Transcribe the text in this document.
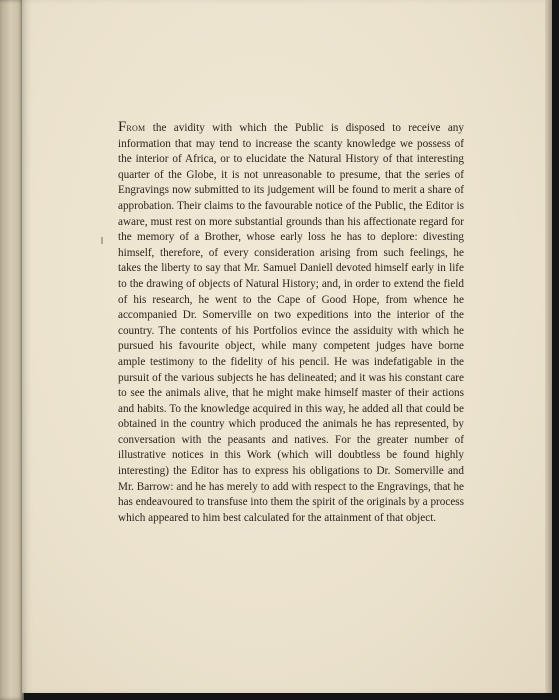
From the avidity with which the Public is disposed to receive any information that may tend to increase the scanty knowledge we possess of the interior of Africa, or to elucidate the Natural History of that interesting quarter of the Globe, it is not unreasonable to presume, that the series of Engravings now submitted to its judgement will be found to merit a share of approbation. Their claims to the favourable notice of the Public, the Editor is aware, must rest on more substantial grounds than his affectionate regard for the memory of a Brother, whose early loss he has to deplore: divesting himself, therefore, of every consideration arising from such feelings, he takes the liberty to say that Mr. Samuel Daniell devoted himself early in life to the drawing of objects of Natural History; and, in order to extend the field of his research, he went to the Cape of Good Hope, from whence he accompanied Dr. Somerville on two expeditions into the interior of the country. The contents of his Portfolios evince the assiduity with which he pursued his favourite object, while many competent judges have borne ample testimony to the fidelity of his pencil. He was indefatigable in the pursuit of the various subjects he has delineated; and it was his constant care to see the animals alive, that he might make himself master of their actions and habits. To the knowledge acquired in this way, he added all that could be obtained in the country which produced the animals he has represented, by conversation with the peasants and natives. For the greater number of illustrative notices in this Work (which will doubtless be found highly interesting) the Editor has to express his obligations to Dr. Somerville and Mr. Barrow: and he has merely to add with respect to the Engravings, that he has endeavoured to transfuse into them the spirit of the originals by a process which appeared to him best calculated for the attainment of that object.
